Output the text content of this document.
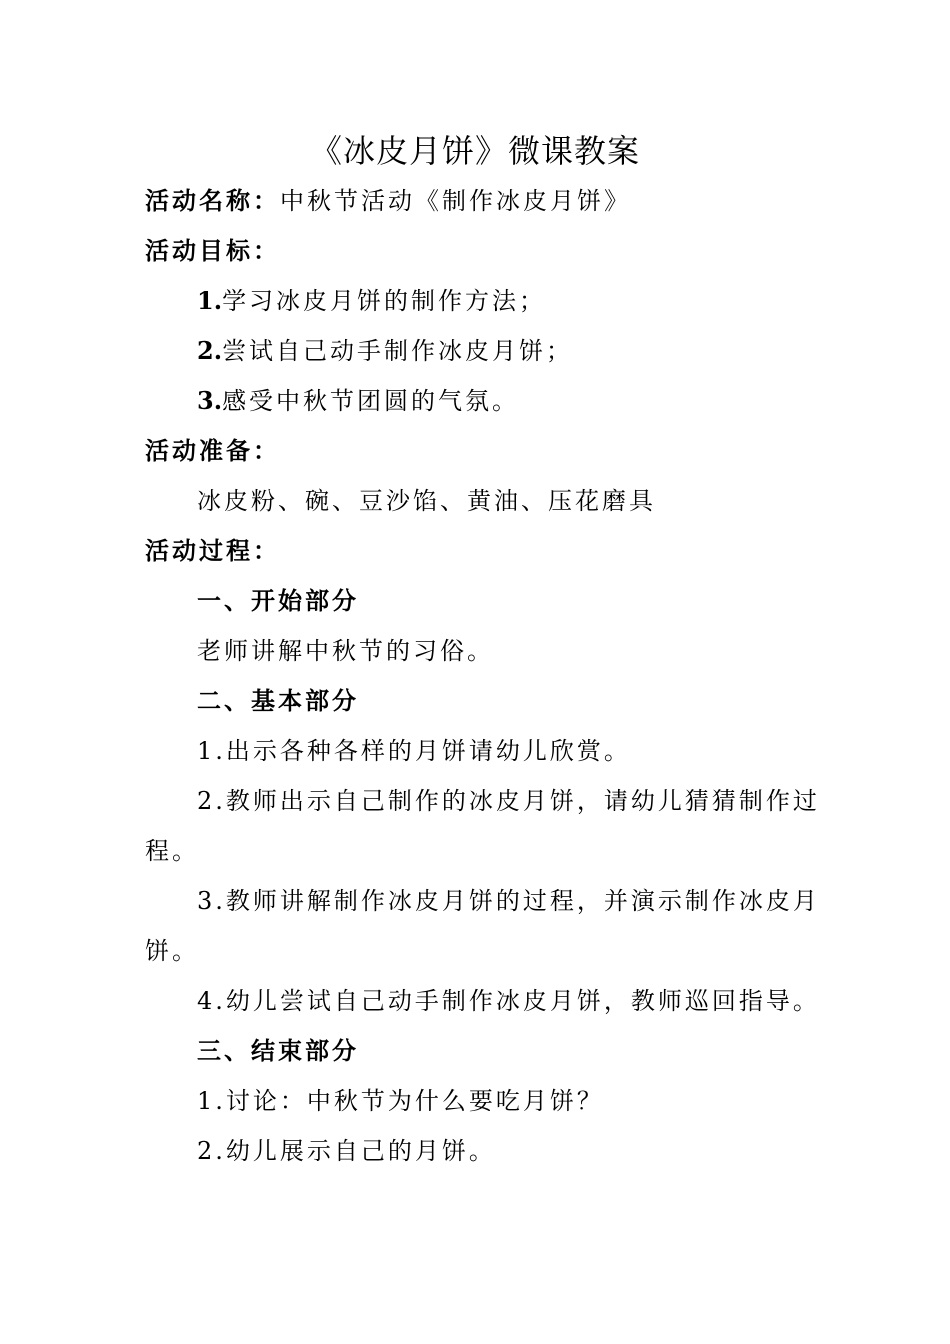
《冰皮月饼》微课教案
活动名称：中秋节活动《制作冰皮月饼》
活动目标：
1.学习冰皮月饼的制作方法；
2.尝试自己动手制作冰皮月饼；
3.感受中秋节团圆的气氛。
活动准备：
冰皮粉、碗、豆沙馅、黄油、压花磨具
活动过程：
一、开始部分
老师讲解中秋节的习俗。
二、基本部分
1.出示各种各样的月饼请幼儿欣赏。
2.教师出示自己制作的冰皮月饼，请幼儿猜猜制作过
程。
3.教师讲解制作冰皮月饼的过程，并演示制作冰皮月
饼。
4.幼儿尝试自己动手制作冰皮月饼，教师巡回指导。
三、结束部分
1.讨论：中秋节为什么要吃月饼？
2.幼儿展示自己的月饼。
